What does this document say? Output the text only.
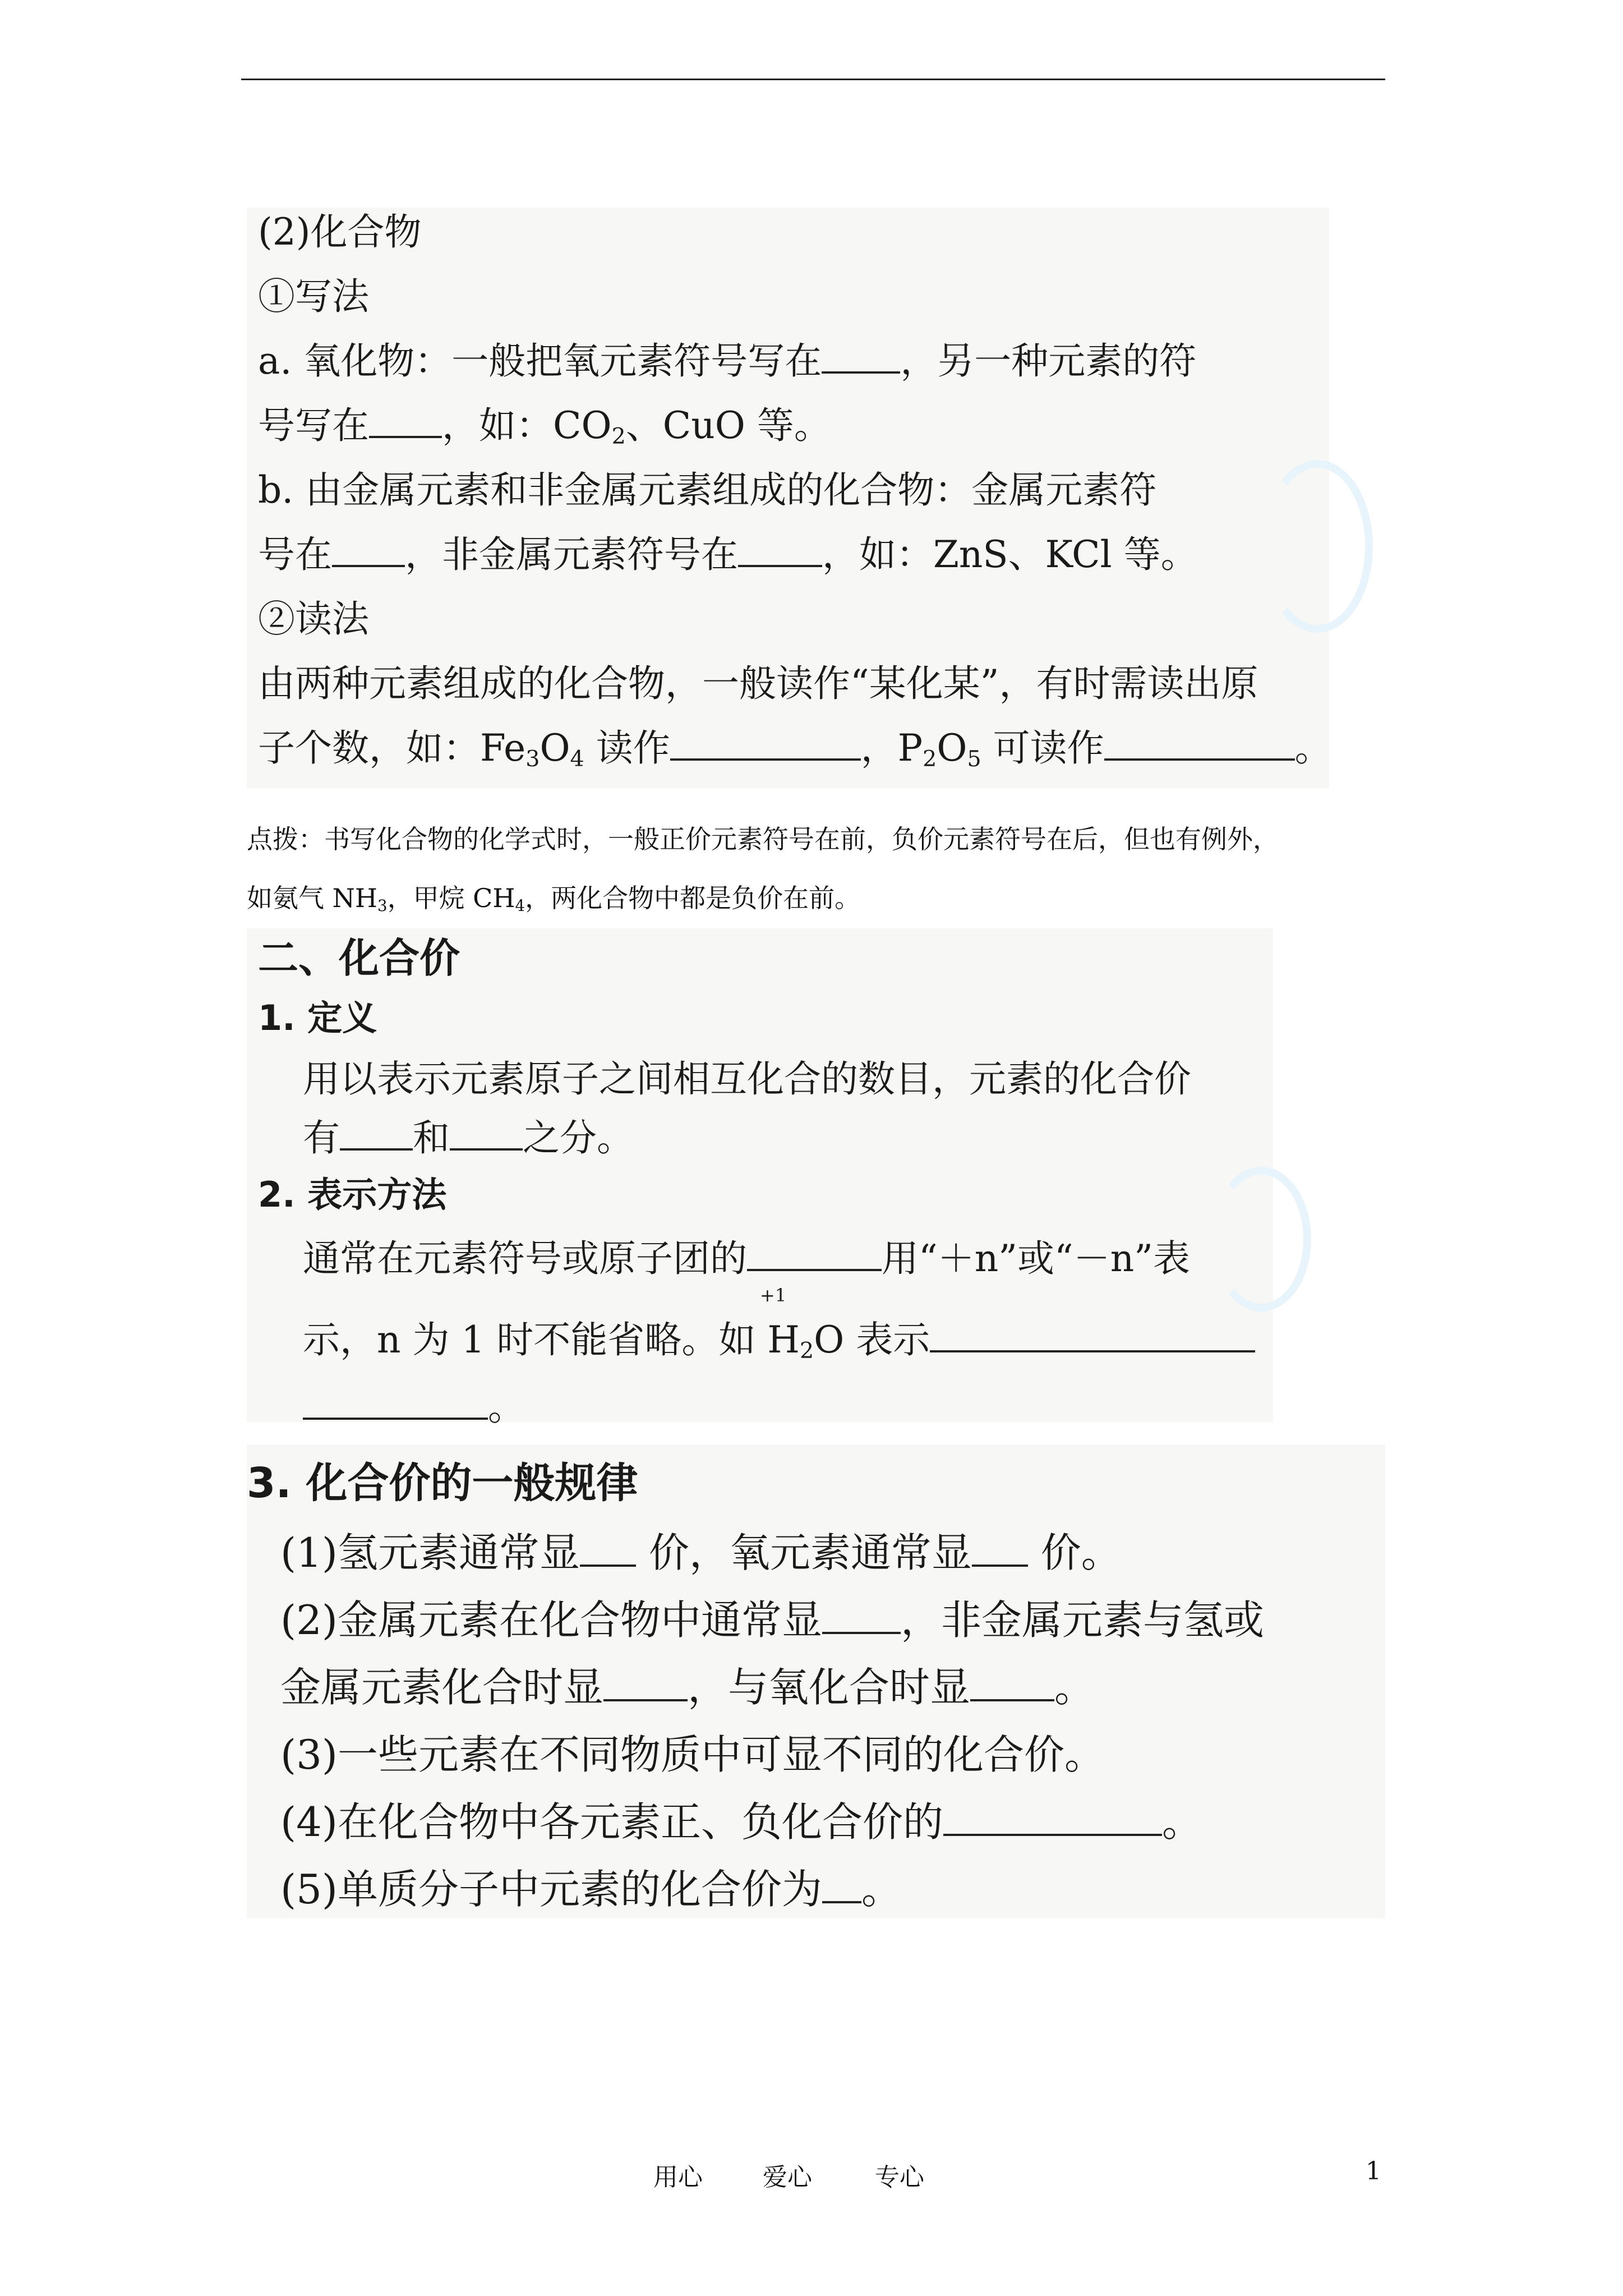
(2)化合物
①写法
a. 氧化物：一般把氧元素符号写在 ，另一种元素的符
号写在 ，如：$CO_2$、CuO 等。
b. 由金属元素和非金属元素组成的化合物：金属元素符
号在 ，非金属元素符号在 ，如：ZnS、KCl 等。
②读法
由两种元素组成的化合物，一般读作“某化某”，有时需读出原
子个数，如：$Fe_3O_4$ 读作	，$P_2O_5$ 可读作	。
点拨：书写化合物的化学式时，一般正价元素符号在前，负价元素符号在后，但也有例外，
如氨气 $NH_3$，甲烷 $CH_4$，两化合物中都是负价在前。
二、化合价
1. 定义
用以表示元素原子之间相互化合的数目，元素的化合价
有 和 之分。
2. 表示方法
通常在元素符号或原子团的	用“＋n”或“－n”表
+1
示，n 为 1 时不能省略。如 $H_2O$ 表示
。
3. 化合价的一般规律
(1)氢元素通常显 价，氧元素通常显 价。
(2)金属元素在化合物中通常显 ，非金属元素与氢或
金属元素化合时显 ，与氧化合时显 。
(3)一些元素在不同物质中可显不同的化合价。
(4)在化合物中各元素正、负化合价的	。
(5)单质分子中元素的化合价为 。
用心 爱心	专心	1
